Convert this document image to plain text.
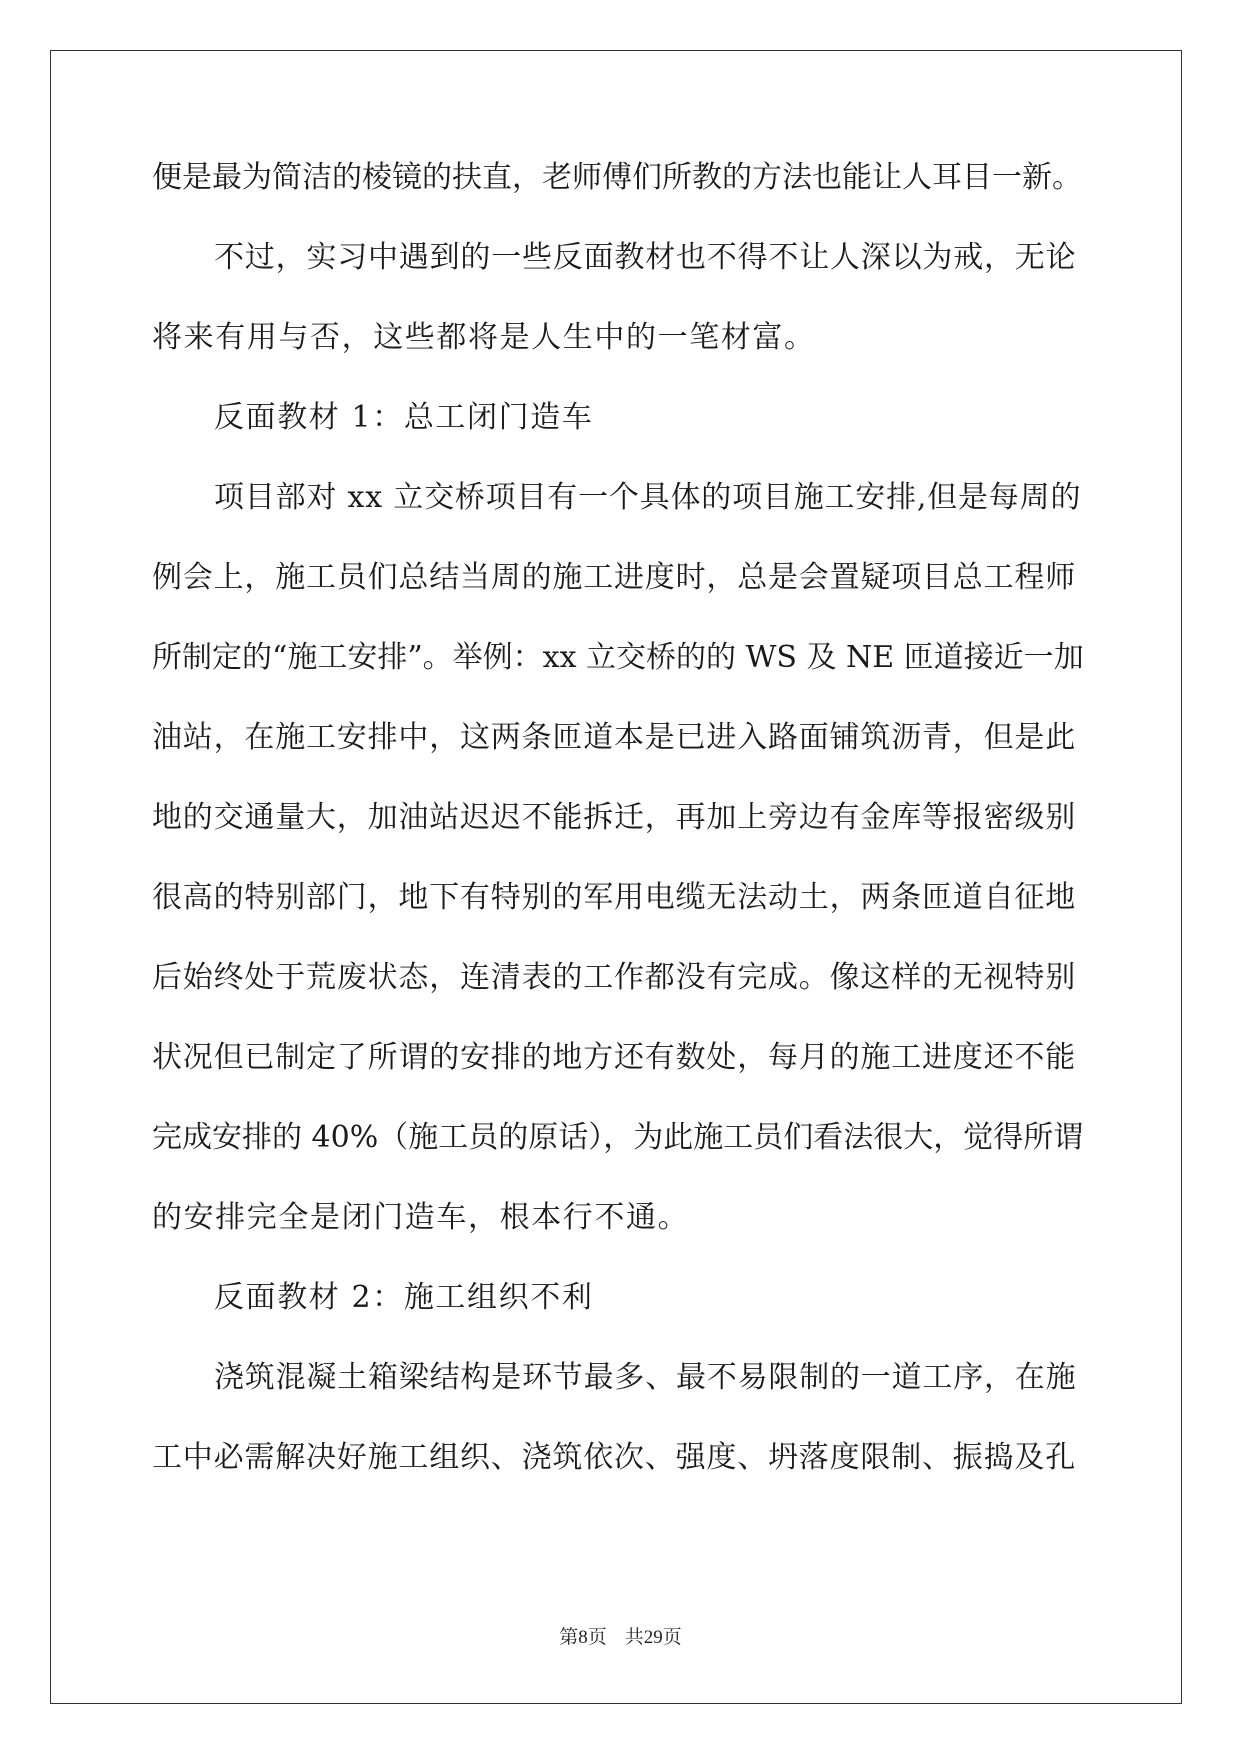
便是最为简洁的棱镜的扶直，老师傅们所教的方法也能让人耳目一新。
不过，实习中遇到的一些反面教材也不得不让人深以为戒，无论
将来有用与否，这些都将是人生中的一笔材富。
反面教材 1：总工闭门造车
项目部对 xx 立交桥项目有一个具体的项目施工安排,但是每周的
例会上，施工员们总结当周的施工进度时，总是会置疑项目总工程师
所制定的“施工安排”。举例：xx 立交桥的的 WS 及 NE 匝道接近一加
油站，在施工安排中，这两条匝道本是已进入路面铺筑沥青，但是此
地的交通量大，加油站迟迟不能拆迁，再加上旁边有金库等报密级别
很高的特别部门，地下有特别的军用电缆无法动土，两条匝道自征地
后始终处于荒废状态，连清表的工作都没有完成。像这样的无视特别
状况但已制定了所谓的安排的地方还有数处，每月的施工进度还不能
完成安排的 40%（施工员的原话），为此施工员们看法很大，觉得所谓
的安排完全是闭门造车，根本行不通。
反面教材 2：施工组织不利
浇筑混凝土箱梁结构是环节最多、最不易限制的一道工序，在施
工中必需解决好施工组织、浇筑依次、强度、坍落度限制、振捣及孔
第8页 共29页
